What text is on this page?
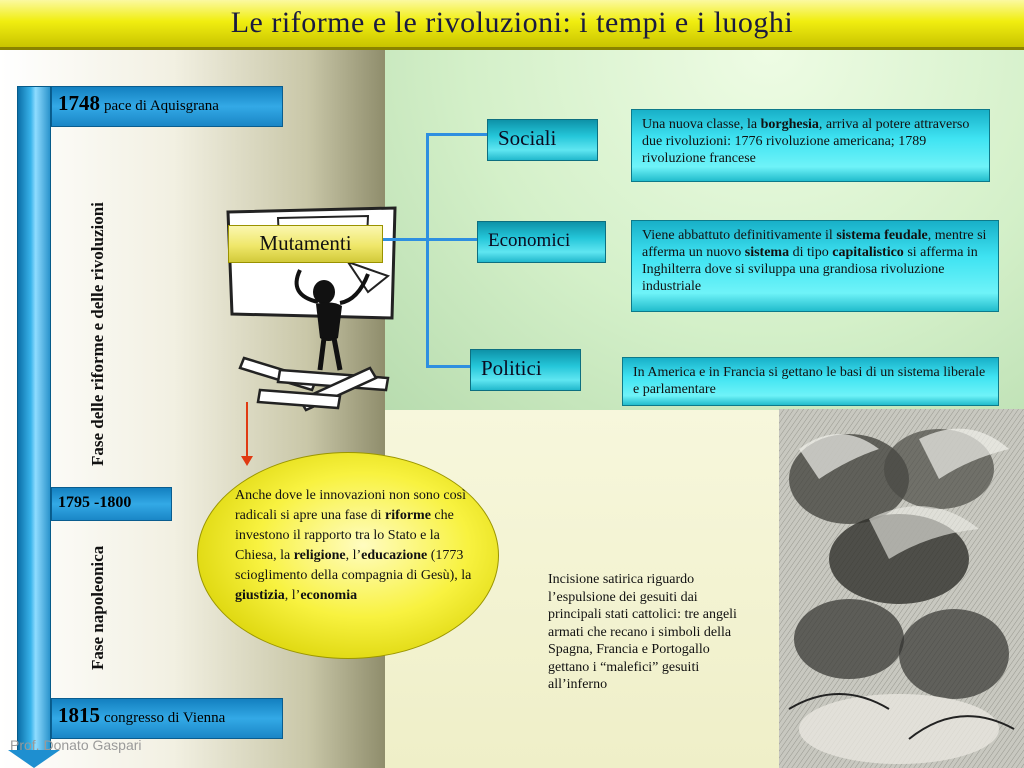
Le riforme e le rivoluzioni: i tempi e i luoghi
1748 pace di Aquisgrana
1795 -1800
1815 congresso di Vienna
Fase delle riforme e delle rivoluzioni
Fase napoleonica
Mutamenti
Sociali
Economici
Politici
Una nuova classe, la borghesia, arriva al potere attraverso due rivoluzioni: 1776 rivoluzione americana; 1789 rivoluzione francese
Viene abbattuto definitivamente il sistema feudale, mentre si afferma un nuovo sistema di tipo capitalistico si afferma in Inghilterra dove si sviluppa una grandiosa rivoluzione industriale
In America e in Francia si gettano le basi di un sistema liberale e parlamentare
Anche dove le innovazioni non sono così radicali si apre una fase di riforme che investono il rapporto tra lo Stato e la Chiesa, la religione, l’educazione (1773 scioglimento della compagnia di Gesù), la giustizia, l’economia
Incisione satirica riguardo l’espulsione dei gesuiti dai principali stati cattolici: tre angeli armati che recano i simboli della Spagna, Francia e Portogallo gettano i “malefici” gesuiti all’inferno
Prof. Donato Gaspari
